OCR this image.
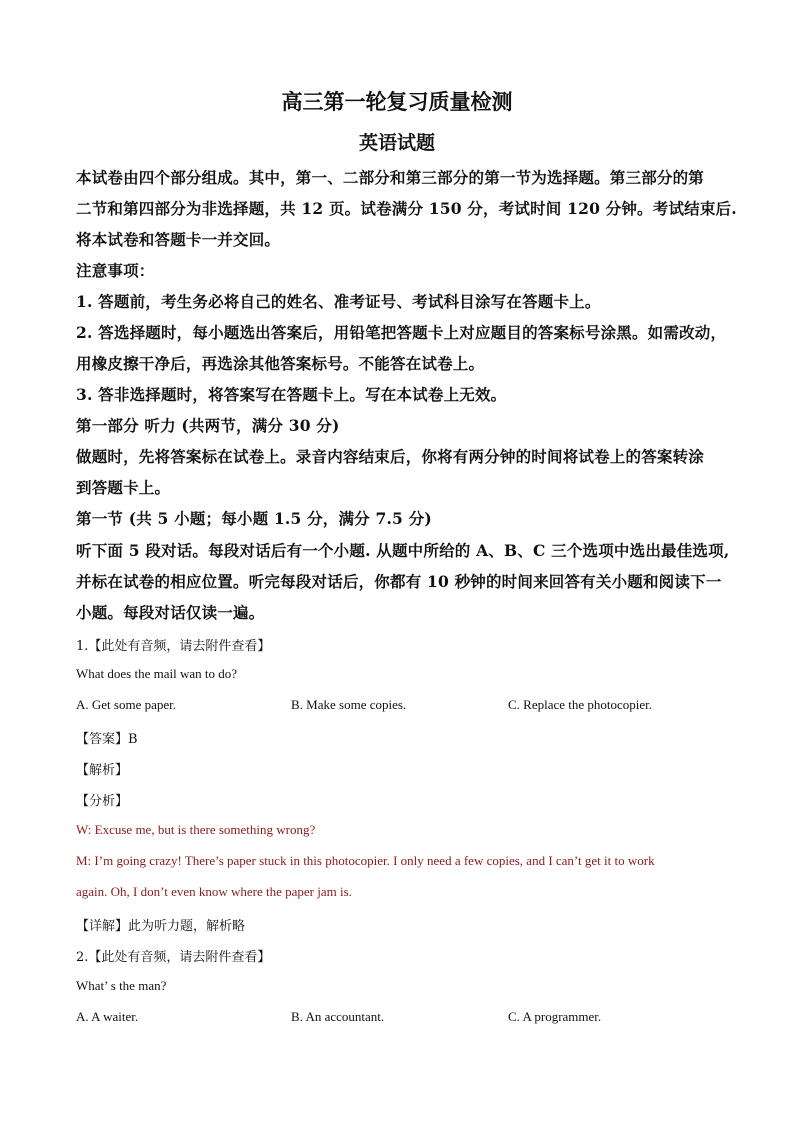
高三第一轮复习质量检测
英语试题
本试卷由四个部分组成。其中，第一、二部分和第三部分的第一节为选择题。第三部分的第
二节和第四部分为非选择题，共 12 页。试卷满分 150 分，考试时间 120 分钟。考试结束后.
将本试卷和答题卡一并交回。
注意事项：
1. 答题前，考生务必将自己的姓名、准考证号、考试科目涂写在答题卡上。
2. 答选择题时，每小题选出答案后，用铅笔把答题卡上对应题目的答案标号涂黑。如需改动，
用橡皮擦干净后，再选涂其他答案标号。不能答在试卷上。
3. 答非选择题时，将答案写在答题卡上。写在本试卷上无效。
第一部分 听力 (共两节，满分 30 分)
做题时，先将答案标在试卷上。录音内容结束后，你将有两分钟的时间将试卷上的答案转涂
到答题卡上。
第一节 (共 5 小题；每小题 1.5 分，满分 7.5 分)
听下面 5 段对话。每段对话后有一个小题. 从题中所给的 A、B、C 三个选项中选出最佳选项,
并标在试卷的相应位置。听完每段对话后，你都有 10 秒钟的时间来回答有关小题和阅读下一
小题。每段对话仅读一遍。
1.【此处有音频，请去附件查看】
What does the mail wan to do?
A. Get some paper.	B. Make some copies.	C. Replace the photocopier.
【答案】B
【解析】
【分析】
W: Excuse me, but is there something wrong?
M: I’m going crazy! There’s paper stuck in this photocopier. I only need a few copies, and I can’t get it to work
again. Oh, I don’t even know where the paper jam is.
【详解】此为听力题，解析略
2.【此处有音频，请去附件查看】
What’ s the man?
A. A waiter.	B. An accountant.	C. A programmer.
